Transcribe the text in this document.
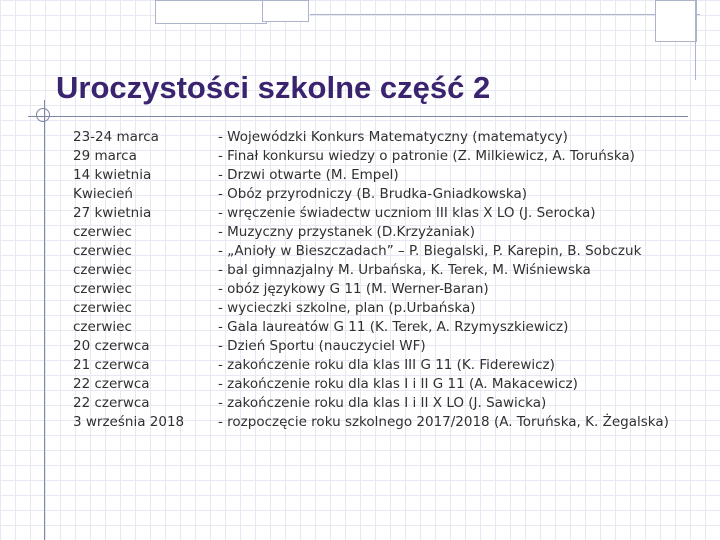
Uroczystości szkolne część 2
23-24 marca	- Wojewódzki Konkurs Matematyczny (matematycy)
29 marca	- Finał konkursu wiedzy o patronie (Z. Milkiewicz, A. Toruńska)
14 kwietnia	- Drzwi otwarte (M. Empel)
Kwiecień	- Obóz przyrodniczy (B. Brudka-Gniadkowska)
27 kwietnia	- wręczenie świadectw uczniom III klas X LO (J. Serocka)
czerwiec	- Muzyczny przystanek (D.Krzyżaniak)
czerwiec	- „Anioły w Bieszczadach” – P. Biegalski, P. Karepin, B. Sobczuk
czerwiec	- bal gimnazjalny M. Urbańska, K. Terek, M. Wiśniewska
czerwiec	- obóz językowy G 11 (M. Werner-Baran)
czerwiec	- wycieczki szkolne, plan (p.Urbańska)
czerwiec	- Gala laureatów G 11 (K. Terek, A. Rzymyszkiewicz)
20 czerwca	- Dzień Sportu (nauczyciel WF)
21 czerwca	- zakończenie roku dla klas III G 11 (K. Fiderewicz)
22 czerwca	- zakończenie roku dla klas I i II G 11 (A. Makacewicz)
22 czerwca	- zakończenie roku dla klas I i II X LO (J. Sawicka)
3 września 2018	- rozpoczęcie roku szkolnego 2017/2018 (A. Toruńska, K. Żegalska)
